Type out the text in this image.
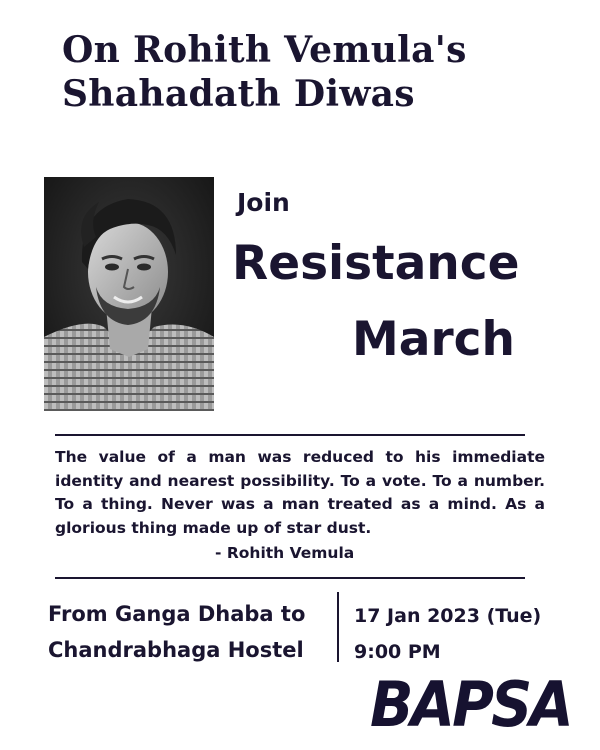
On Rohith Vemula's
Shahadath Diwas
Join
Resistance
March
The value of a man was reduced to his immediate identity and nearest possibility. To a vote. To a number. To a thing. Never was a man treated as a mind. As a glorious thing made up of star dust.
- Rohith Vemula
From Ganga Dhaba to
Chandrabhaga Hostel
17 Jan 2023 (Tue)
9:00 PM
BAPSA
